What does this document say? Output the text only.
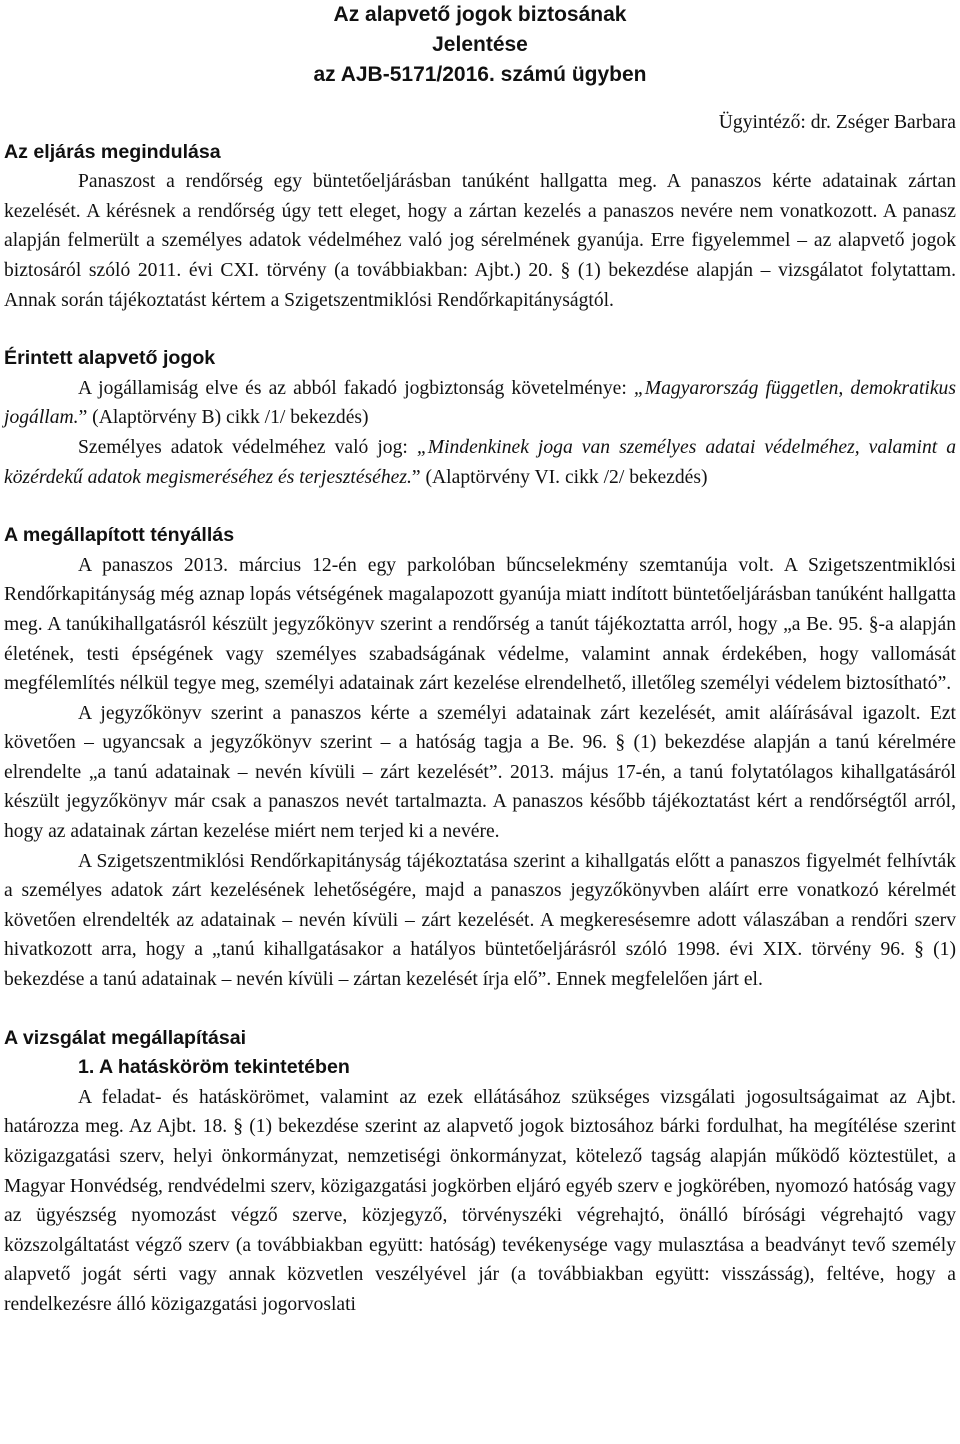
Az alapvető jogok biztosának
Jelentése
az AJB-5171/2016. számú ügyben
Ügyintéző: dr. Zséger Barbara
Az eljárás megindulása

Panaszost a rendőrség egy büntetőeljárásban tanúként hallgatta meg. A panaszos kérte adatainak zártan kezelését. A kérésnek a rendőrség úgy tett eleget, hogy a zártan kezelés a panaszos nevére nem vonatkozott. A panasz alapján felmerült a személyes adatok védelméhez való jog sérelmének gyanúja. Erre figyelemmel – az alapvető jogok biztosáról szóló 2011. évi CXI. törvény (a továbbiakban: Ajbt.) 20. § (1) bekezdése alapján – vizsgálatot folytattam. Annak során tájékoztatást kértem a Szigetszentmiklósi Rendőrkapitányságtól.

Érintett alapvető jogok

A jogállamiság elve és az abból fakadó jogbiztonság követelménye: „Magyarország független, demokratikus jogállam.” (Alaptörvény B) cikk /1/ bekezdés)

Személyes adatok védelméhez való jog: „Mindenkinek joga van személyes adatai védelméhez, valamint a közérdekű adatok megismeréséhez és terjesztéséhez.” (Alaptörvény VI. cikk /2/ bekezdés)

A megállapított tényállás

A panaszos 2013. március 12-én egy parkolóban bűncselekmény szemtanúja volt. A Szigetszentmiklósi Rendőrkapitányság még aznap lopás vétségének magalapozott gyanúja miatt indított büntetőeljárásban tanúként hallgatta meg. A tanúkihallgatásról készült jegyzőkönyv szerint a rendőrség a tanút tájékoztatta arról, hogy „a Be. 95. §-a alapján életének, testi épségének vagy személyes szabadságának védelme, valamint annak érdekében, hogy vallomását megfélemlítés nélkül tegye meg, személyi adatainak zárt kezelése elrendelhető, illetőleg személyi védelem biztosítható”.

A jegyzőkönyv szerint a panaszos kérte a személyi adatainak zárt kezelését, amit aláírásával igazolt. Ezt követően – ugyancsak a jegyzőkönyv szerint – a hatóság tagja a Be. 96. § (1) bekezdése alapján a tanú kérelmére elrendelte „a tanú adatainak – nevén kívüli – zárt kezelését”. 2013. május 17-én, a tanú folytatólagos kihallgatásáról készült jegyzőkönyv már csak a panaszos nevét tartalmazta. A panaszos később tájékoztatást kért a rendőrségtől arról, hogy az adatainak zártan kezelése miért nem terjed ki a nevére.

A Szigetszentmiklósi Rendőrkapitányság tájékoztatása szerint a kihallgatás előtt a panaszos figyelmét felhívták a személyes adatok zárt kezelésének lehetőségére, majd a panaszos jegyzőkönyvben aláírt erre vonatkozó kérelmét követően elrendelték az adatainak – nevén kívüli – zárt kezelését. A megkeresésemre adott válaszában a rendőri szerv hivatkozott arra, hogy a „tanú kihallgatásakor a hatályos büntetőeljárásról szóló 1998. évi XIX. törvény 96. § (1) bekezdése a tanú adatainak – nevén kívüli – zártan kezelését írja elő”. Ennek megfelelően járt el.

A vizsgálat megállapításai
1. A hatásköröm tekintetében

A feladat- és hatáskörömet, valamint az ezek ellátásához szükséges vizsgálati jogosultságaimat az Ajbt. határozza meg. Az Ajbt. 18. § (1) bekezdése szerint az alapvető jogok biztosához bárki fordulhat, ha megítélése szerint közigazgatási szerv, helyi önkormányzat, nemzetiségi önkormányzat, kötelező tagság alapján működő köztestület, a Magyar Honvédség, rendvédelmi szerv, közigazgatási jogkörben eljáró egyéb szerv e jogkörében, nyomozó hatóság vagy az ügyészség nyomozást végző szerve, közjegyző, törvényszéki végrehajtó, önálló bírósági végrehajtó vagy közszolgáltatást végző szerv (a továbbiakban együtt: hatóság) tevékenysége vagy mulasztása a beadványt tevő személy alapvető jogát sérti vagy annak közvetlen veszélyével jár (a továbbiakban együtt: visszásság), feltéve, hogy a rendelkezésre álló közigazgatási jogorvoslati
